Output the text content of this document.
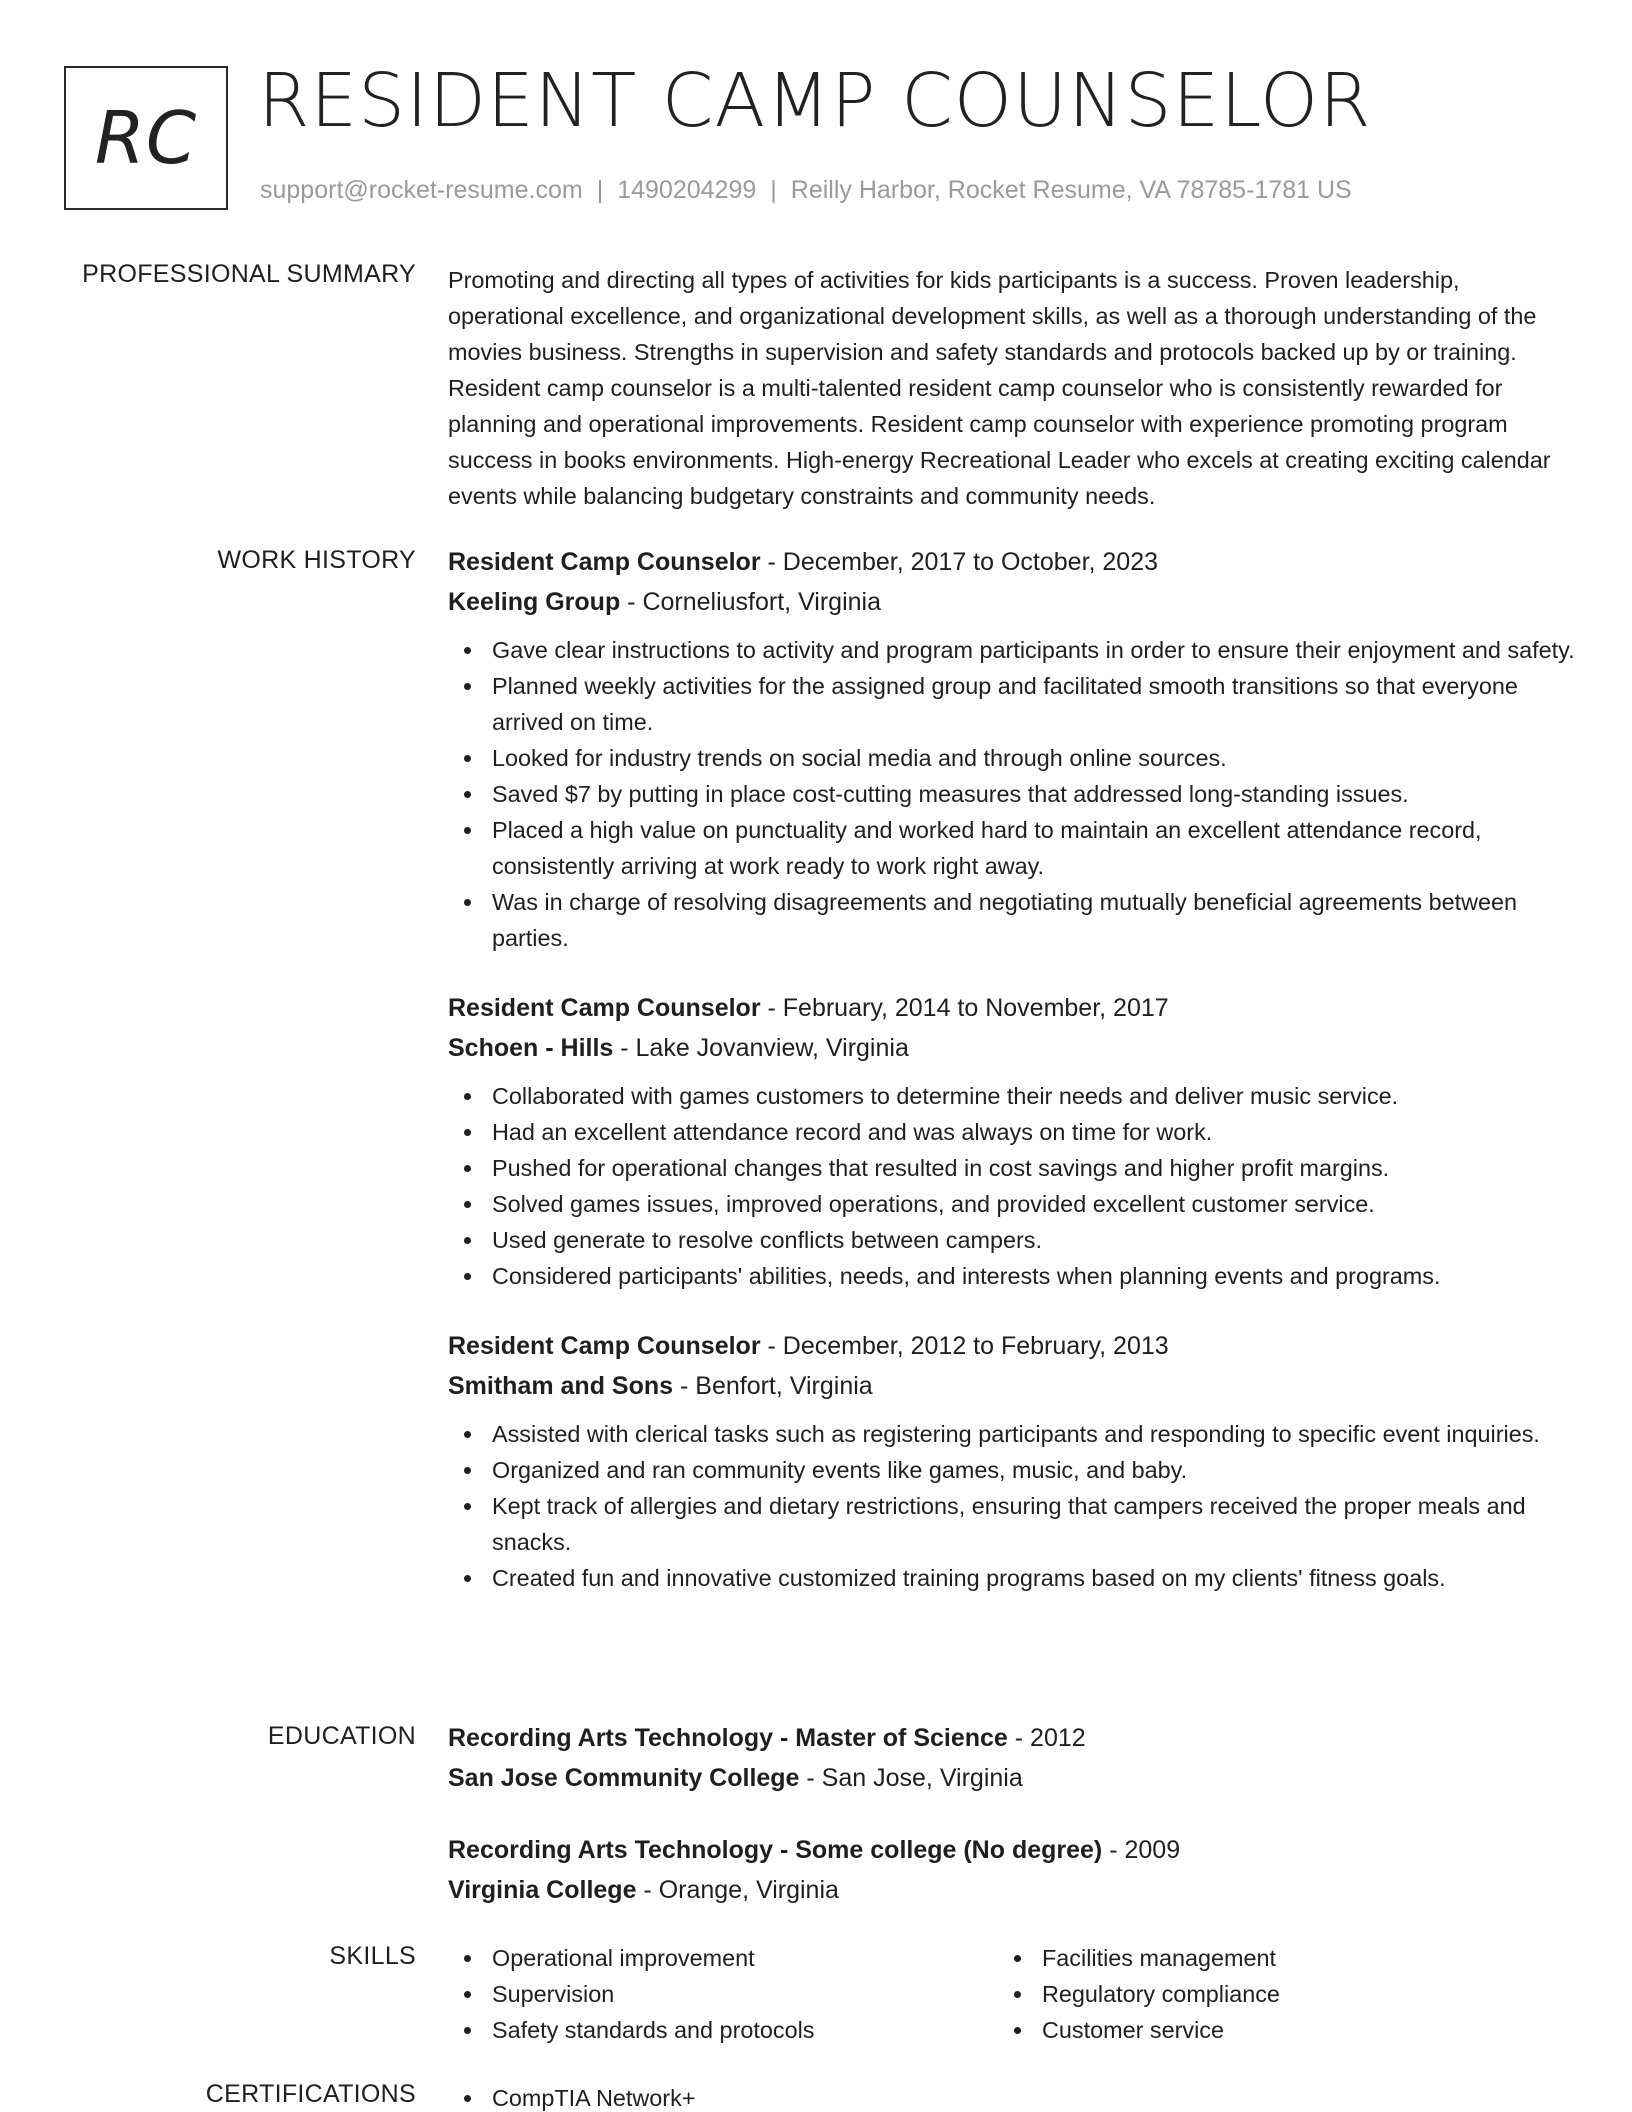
RC RESIDENT CAMP COUNSELOR
support@rocket-resume.com | 1490204299 | Reilly Harbor, Rocket Resume, VA 78785-1781 US
PROFESSIONAL SUMMARY Promoting and directing all types of activities for kids participants is a success. Proven leadership, operational excellence, and organizational development skills, as well as a thorough understanding of the movies business. Strengths in supervision and safety standards and protocols backed up by or training. Resident camp counselor is a multi-talented resident camp counselor who is consistently rewarded for planning and operational improvements. Resident camp counselor with experience promoting program success in books environments. High-energy Recreational Leader who excels at creating exciting calendar events while balancing budgetary constraints and community needs.

WORK HISTORY Resident Camp Counselor - December, 2017 to October, 2023
Keeling Group - Corneliusfort, Virginia
Gave clear instructions to activity and program participants in order to ensure their enjoyment and safety.
Planned weekly activities for the assigned group and facilitated smooth transitions so that everyone arrived on time.
Looked for industry trends on social media and through online sources.
Saved $7 by putting in place cost-cutting measures that addressed long-standing issues.
Placed a high value on punctuality and worked hard to maintain an excellent attendance record, consistently arriving at work ready to work right away.
Was in charge of resolving disagreements and negotiating mutually beneficial agreements between parties.
Resident Camp Counselor - February, 2014 to November, 2017
Schoen - Hills - Lake Jovanview, Virginia
Collaborated with games customers to determine their needs and deliver music service.
Had an excellent attendance record and was always on time for work.
Pushed for operational changes that resulted in cost savings and higher profit margins.
Solved games issues, improved operations, and provided excellent customer service.
Used generate to resolve conflicts between campers.
Considered participants' abilities, needs, and interests when planning events and programs.
Resident Camp Counselor - December, 2012 to February, 2013
Smitham and Sons - Benfort, Virginia
Assisted with clerical tasks such as registering participants and responding to specific event inquiries.
Organized and ran community events like games, music, and baby.
Kept track of allergies and dietary restrictions, ensuring that campers received the proper meals and snacks.
Created fun and innovative customized training programs based on my clients' fitness goals.
EDUCATION Recording Arts Technology - Master of Science - 2012
San Jose Community College - San Jose, Virginia
Recording Arts Technology - Some college (No degree) - 2009
Virginia College - Orange, Virginia
SKILLS	Operational improvement
Supervision
Safety standards and protocols
Facilities management
Regulatory compliance
Customer service
CERTIFICATIONS	CompTIA Network+
